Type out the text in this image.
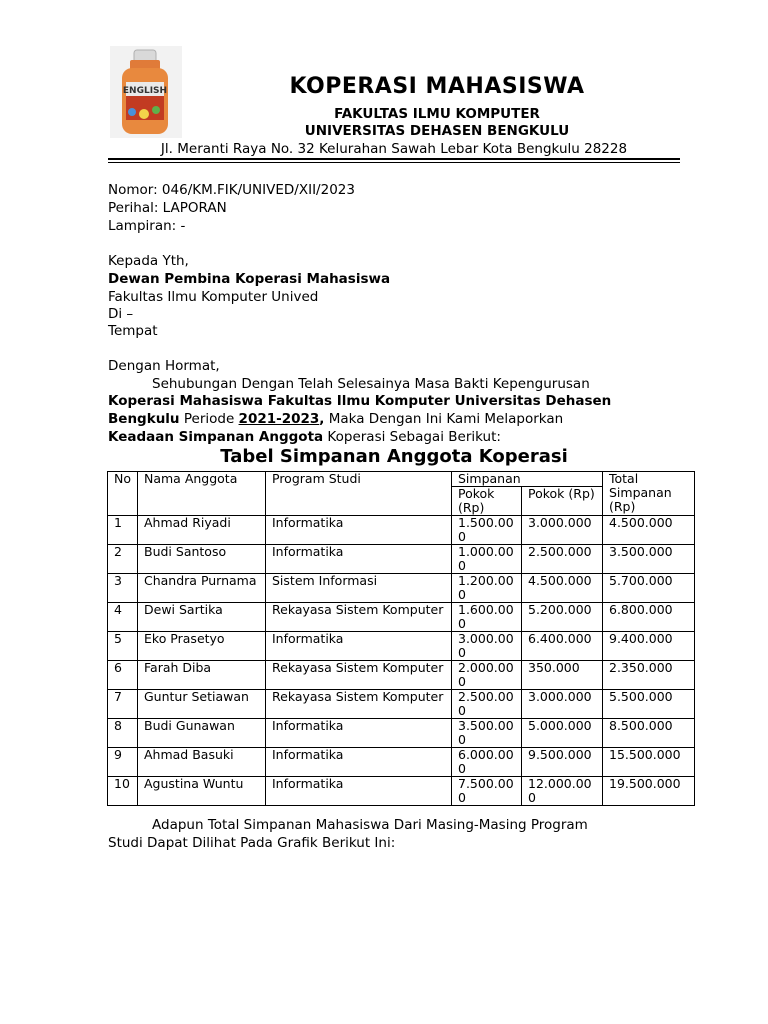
ENGLISH	KOPERASI MAHASISWA
FAKULTAS ILMU KOMPUTER
UNIVERSITAS DEHASEN BENGKULU
Jl. Meranti Raya No. 32 Kelurahan Sawah Lebar Kota Bengkulu 28228
Nomor: 046/KM.FIK/UNIVED/XII/2023
Perihal: LAPORAN
Lampiran: -
Kepada Yth,
Dewan Pembina Koperasi Mahasiswa
Fakultas Ilmu Komputer Unived
Di –
Tempat
Dengan Hormat,
Sehubungan Dengan Telah Selesainya Masa Bakti Kepengurusan
Koperasi Mahasiswa Fakultas Ilmu Komputer Universitas Dehasen
Bengkulu Periode 2021-2023, Maka Dengan Ini Kami Melaporkan
Keadaan Simpanan Anggota Koperasi Sebagai Berikut:
Tabel Simpanan Anggota Koperasi
No	Nama Anggota	Program Studi	Simpanan		Total Simpanan (Rp)
			Pokok (Rp)	Pokok (Rp)	
1	Ahmad Riyadi	Informatika	1.500.000	3.000.000	4.500.000
2	Budi Santoso	Informatika	1.000.000	2.500.000	3.500.000
3	Chandra Purnama	Sistem Informasi	1.200.000	4.500.000	5.700.000
4	Dewi Sartika	Rekayasa Sistem Komputer	1.600.000	5.200.000	6.800.000
5	Eko Prasetyo	Informatika	3.000.000	6.400.000	9.400.000
6	Farah Diba	Rekayasa Sistem Komputer	2.000.000	350.000	2.350.000
7	Guntur Setiawan	Rekayasa Sistem Komputer	2.500.000	3.000.000	5.500.000
8	Budi Gunawan	Informatika	3.500.000	5.000.000	8.500.000
9	Ahmad Basuki	Informatika	6.000.000	9.500.000	15.500.000
10	Agustina Wuntu	Informatika	7.500.000	12.000.000	19.500.000
Adapun Total Simpanan Mahasiswa Dari Masing-Masing Program
Studi Dapat Dilihat Pada Grafik Berikut Ini:
